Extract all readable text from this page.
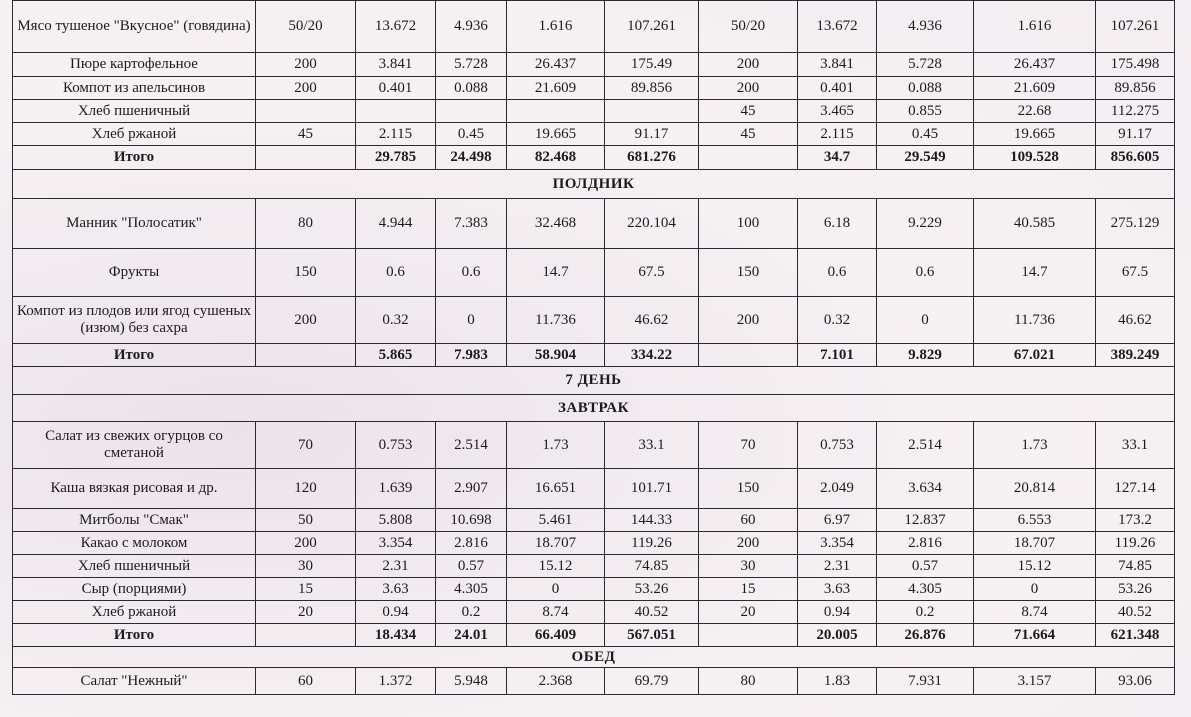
Мясо тушеное "Вкусное" (говядина)	50/20	13.672	4.936	1.616	107.261	50/20	13.672	4.936	1.616	107.261
Пюре картофельное	200	3.841	5.728	26.437	175.49	200	3.841	5.728	26.437	175.498
Компот из апельсинов	200	0.401	0.088	21.609	89.856	200	0.401	0.088	21.609	89.856
Хлеб пшеничный						45	3.465	0.855	22.68	112.275
Хлеб ржаной	45	2.115	0.45	19.665	91.17	45	2.115	0.45	19.665	91.17
Итого		29.785	24.498	82.468	681.276		34.7	29.549	109.528	856.605
ПОЛДНИК										
Манник "Полосатик"	80	4.944	7.383	32.468	220.104	100	6.18	9.229	40.585	275.129
Фрукты	150	0.6	0.6	14.7	67.5	150	0.6	0.6	14.7	67.5
Компот из плодов или ягод сушеных (изюм) без сахра	200	0.32	0	11.736	46.62	200	0.32	0	11.736	46.62
Итого		5.865	7.983	58.904	334.22		7.101	9.829	67.021	389.249
7 ДЕНЬ										
ЗАВТРАК										
Салат из свежих огурцов со сметаной	70	0.753	2.514	1.73	33.1	70	0.753	2.514	1.73	33.1
Каша вязкая рисовая и др.	120	1.639	2.907	16.651	101.71	150	2.049	3.634	20.814	127.14
Митболы "Смак"	50	5.808	10.698	5.461	144.33	60	6.97	12.837	6.553	173.2
Какао с молоком	200	3.354	2.816	18.707	119.26	200	3.354	2.816	18.707	119.26
Хлеб пшеничный	30	2.31	0.57	15.12	74.85	30	2.31	0.57	15.12	74.85
Сыр (порциями)	15	3.63	4.305	0	53.26	15	3.63	4.305	0	53.26
Хлеб ржаной	20	0.94	0.2	8.74	40.52	20	0.94	0.2	8.74	40.52
Итого		18.434	24.01	66.409	567.051		20.005	26.876	71.664	621.348
ОБЕД										
Салат "Нежный"	60	1.372	5.948	2.368	69.79	80	1.83	7.931	3.157	93.06
